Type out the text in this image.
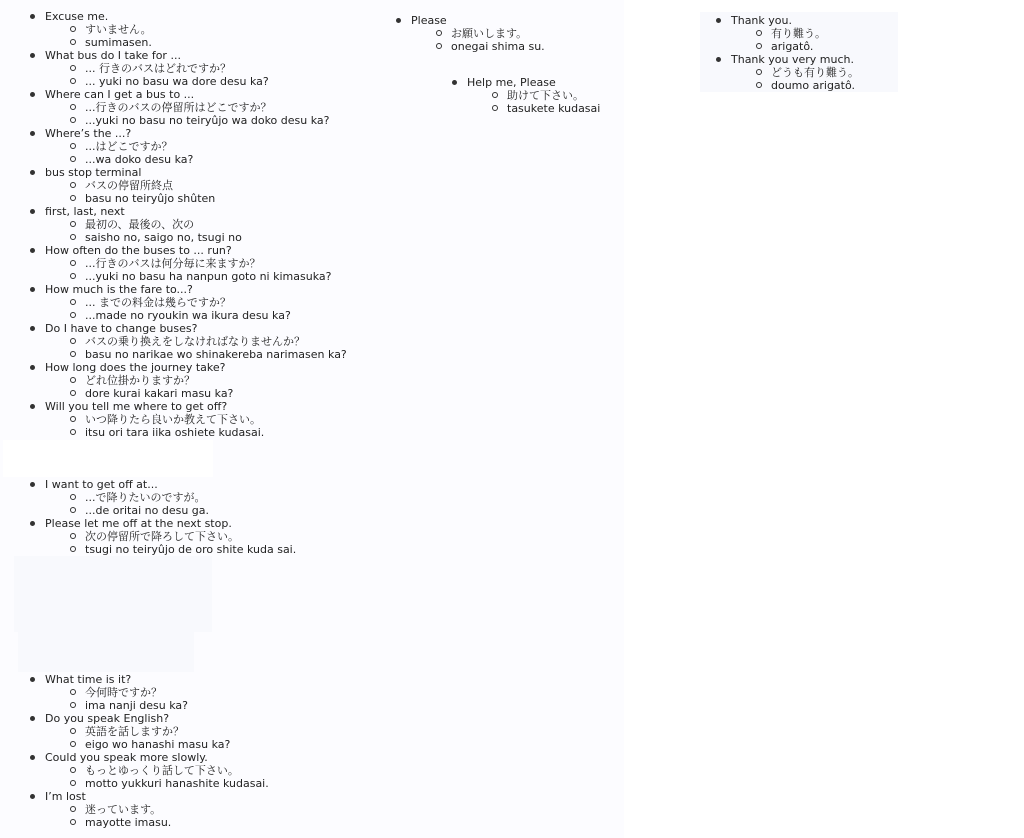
Excuse me.
すいません。
sumimasen.
What bus do I take for ...
... 行きのバスはどれですか？
... yuki no basu wa dore desu ka?
Where can I get a bus to ...
...行きのバスの停留所はどこですか？
...yuki no basu no teiryûjo wa doko desu ka?
Where’s the ...?
...はどこですか？
...wa doko desu ka?
bus stop terminal
バスの停留所終点
basu no teiryûjo shûten
first, last, next
最初の、最後の、次の
saisho no, saigo no, tsugi no
How often do the buses to ... run?
...行きのバスは何分毎に来ますか？
...yuki no basu ha nanpun goto ni kimasuka?
How much is the fare to...?
... までの料金は幾らですか？
...made no ryoukin wa ikura desu ka?
Do I have to change buses?
バスの乗り換えをしなければなりませんか？
basu no narikae wo shinakereba narimasen ka?
How long does the journey take?
どれ位掛かりますか？
dore kurai kakari masu ka?
Will you tell me where to get off?
いつ降りたら良いか教えて下さい。
itsu ori tara iika oshiete kudasai.
I want to get off at...
...で降りたいのですが。
...de oritai no desu ga.
Please let me off at the next stop.
次の停留所で降ろして下さい。
tsugi no teiryûjo de oro shite kuda sai.
What time is it?
今何時ですか？
ima nanji desu ka?
Do you speak English?
英語を話しますか？
eigo wo hanashi masu ka?
Could you speak more slowly.
もっとゆっくり話して下さい。
motto yukkuri hanashite kudasai.
I’m lost
迷っています。
mayotte imasu.
Please
お願いします。
onegai shima su.
Help me, Please
助けて下さい。
tasukete kudasai
Thank you.
有り難う。
arigatô.
Thank you very much.
どうも有り難う。
doumo arigatô.
